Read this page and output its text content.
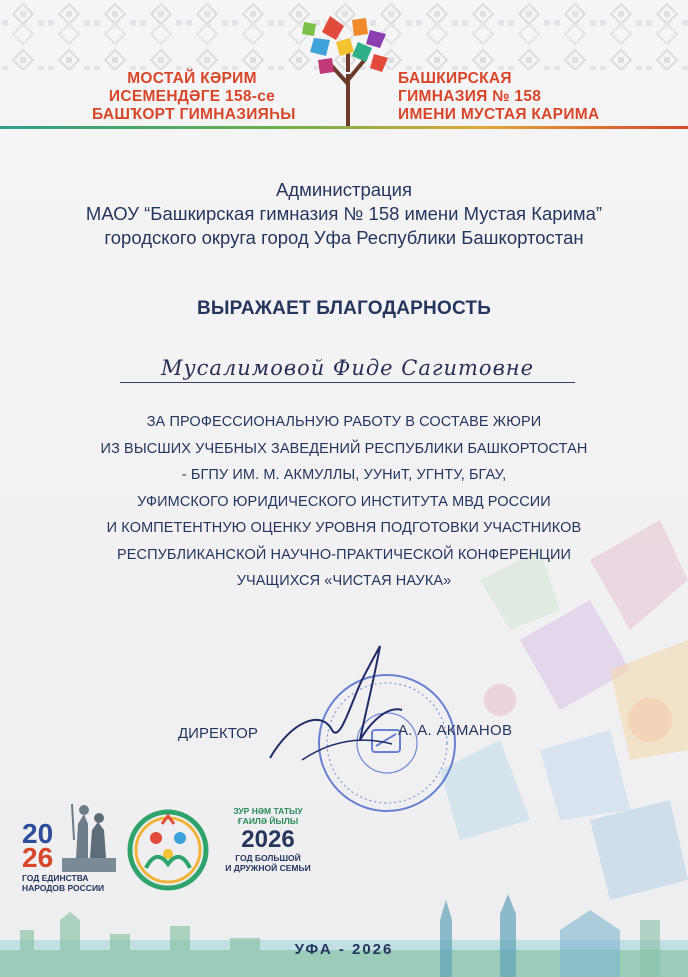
МОСТАЙ КӘРИМ
ИСЕМЕНДӘГЕ 158-се
БАШҠОРТ ГИМНАЗИЯҺЫ
БАШКИРСКАЯ
ГИМНАЗИЯ № 158
ИМЕНИ МУСТАЯ КАРИМА
Администрация
МАОУ “Башкирская гимназия № 158 имени Мустая Карима”
городского округа город Уфа Республики Башкортостан
ВЫРАЖАЕТ БЛАГОДАРНОСТЬ
Мусалимовой Фиде Сагитовне
ЗА ПРОФЕССИОНАЛЬНУЮ РАБОТУ В СОСТАВЕ ЖЮРИ
ИЗ ВЫСШИХ УЧЕБНЫХ ЗАВЕДЕНИЙ РЕСПУБЛИКИ БАШКОРТОСТАН
- БГПУ ИМ. М. АКМУЛЛЫ, УУНиТ, УГНТУ, БГАУ,
УФИМСКОГО ЮРИДИЧЕСКОГО ИНСТИТУТА МВД РОССИИ
И КОМПЕТЕНТНУЮ ОЦЕНКУ УРОВНЯ ПОДГОТОВКИ УЧАСТНИКОВ
РЕСПУБЛИКАНСКОЙ НАУЧНО-ПРАКТИЧЕСКОЙ КОНФЕРЕНЦИИ
УЧАЩИХСЯ «ЧИСТАЯ НАУКА»
ДИРЕКТОР	А. А. АКМАНОВ
20
26
ГОД ЕДИНСТВА
НАРОДОВ РОССИИ
ЗУР НӘМ ТАТЫУ
ҒАИЛӘ ЙЫЛЫ
2026
ГОД БОЛЬШОЙ
И ДРУЖНОЙ СЕМЬИ
УФА - 2026
